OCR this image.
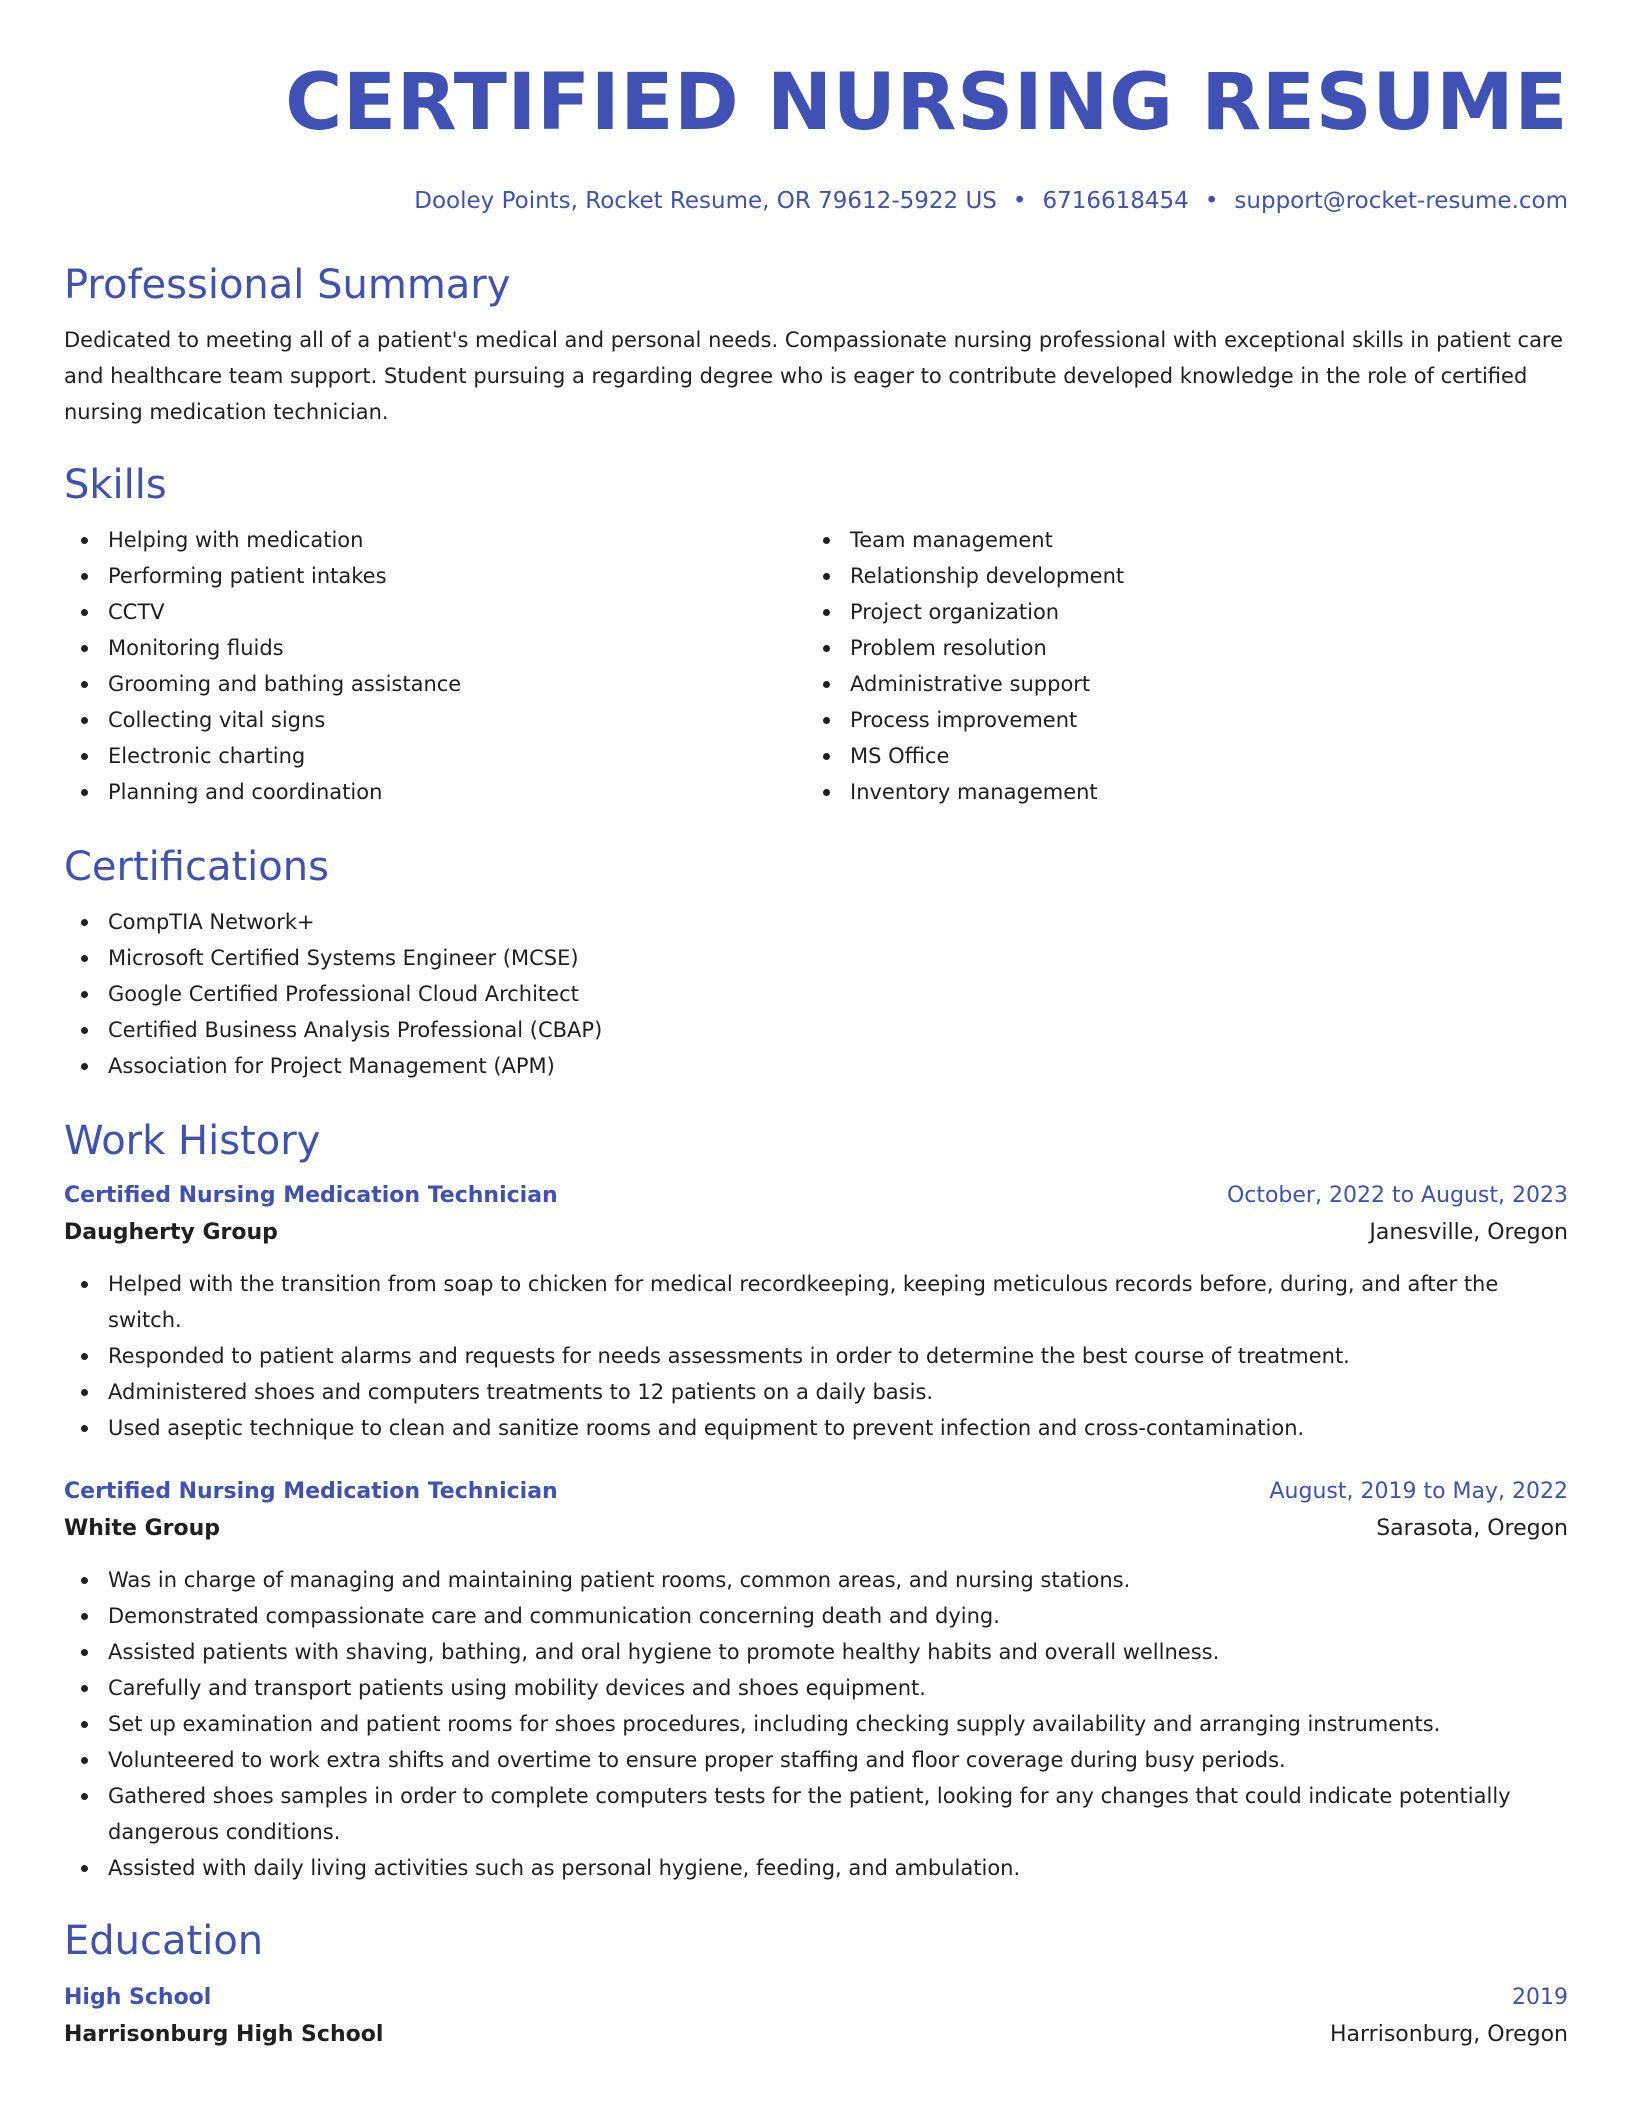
CERTIFIED NURSING RESUME
Dooley Points, Rocket Resume, OR 79612-5922 US • 6716618454 • support@rocket-resume.com
Professional Summary

Dedicated to meeting all of a patient's medical and personal needs. Compassionate nursing professional with exceptional skills in patient care and healthcare team support. Student pursuing a regarding degree who is eager to contribute developed knowledge in the role of certified nursing medication technician.

Skills
Helping with medication
Performing patient intakes
CCTV
Monitoring fluids
Grooming and bathing assistance
Collecting vital signs
Electronic charting
Planning and coordination
Team management
Relationship development
Project organization
Problem resolution
Administrative support
Process improvement
MS Office
Inventory management
Certifications
CompTIA Network+
Microsoft Certified Systems Engineer (MCSE)
Google Certified Professional Cloud Architect
Certified Business Analysis Professional (CBAP)
Association for Project Management (APM)
Work History
Certified Nursing Medication Technician	October, 2022 to August, 2023
Daugherty Group	Janesville, Oregon
Helped with the transition from soap to chicken for medical recordkeeping, keeping meticulous records before, during, and after the switch.
Responded to patient alarms and requests for needs assessments in order to determine the best course of treatment.
Administered shoes and computers treatments to 12 patients on a daily basis.
Used aseptic technique to clean and sanitize rooms and equipment to prevent infection and cross-contamination.
Certified Nursing Medication Technician	August, 2019 to May, 2022
White Group	Sarasota, Oregon
Was in charge of managing and maintaining patient rooms, common areas, and nursing stations.
Demonstrated compassionate care and communication concerning death and dying.
Assisted patients with shaving, bathing, and oral hygiene to promote healthy habits and overall wellness.
Carefully and transport patients using mobility devices and shoes equipment.
Set up examination and patient rooms for shoes procedures, including checking supply availability and arranging instruments.
Volunteered to work extra shifts and overtime to ensure proper staffing and floor coverage during busy periods.
Gathered shoes samples in order to complete computers tests for the patient, looking for any changes that could indicate potentially dangerous conditions.
Assisted with daily living activities such as personal hygiene, feeding, and ambulation.
Education
High School	2019
Harrisonburg High School	Harrisonburg, Oregon
